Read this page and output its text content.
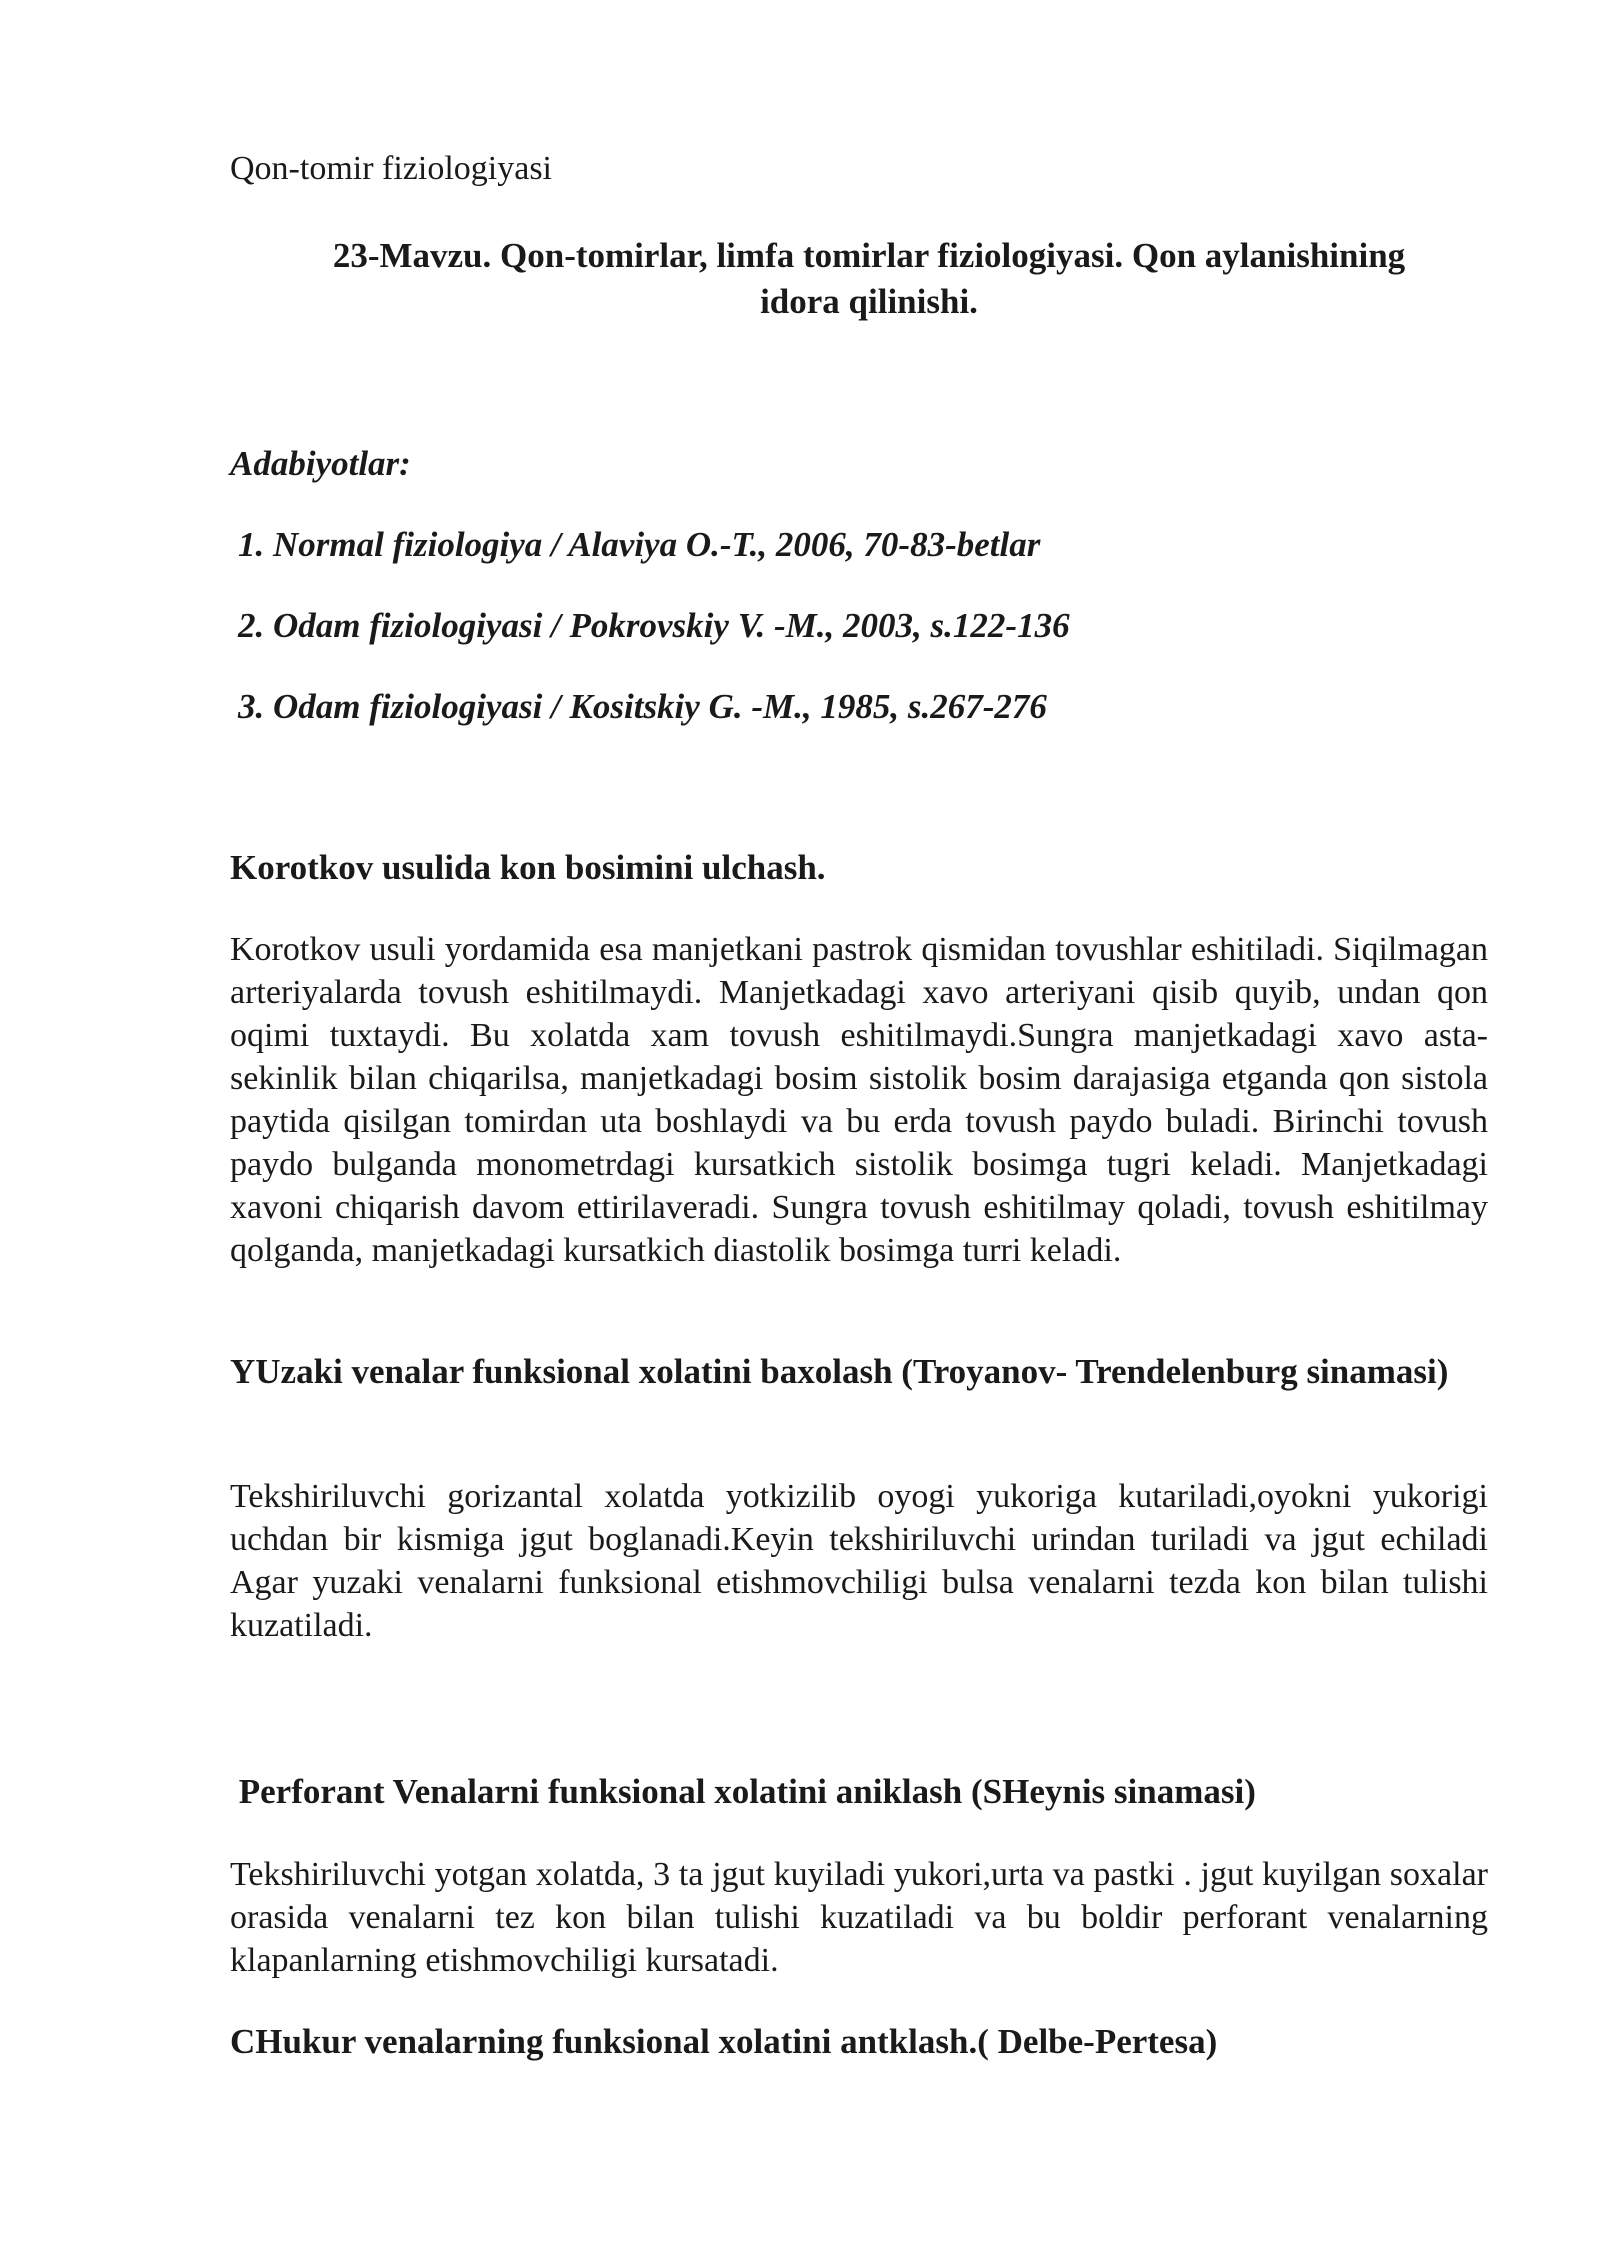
Qon-tomir fiziologiyasi
23-Mavzu. Qon-tomirlar, limfa tomirlar fiziologiyasi. Qon aylanishining
idora qilinishi.
Adabiyotlar:
1. Normal fiziologiya / Alaviya O.-T., 2006, 70-83-betlar
2. Odam fiziologiyasi / Pokrovskiy V. -M., 2003, s.122-136
3. Odam fiziologiyasi / Kositskiy G. -M., 1985, s.267-276
Korotkov usulida kon bosimini ulchash.
Korotkov usuli yordamida esa manjetkani pastrok qismidan tovushlar eshitiladi. Siqilmagan arteriyalarda tovush eshitilmaydi. Manjetkadagi xavo arteriyani qisib quyib, undan qon oqimi tuxtaydi. Bu xolatda xam tovush eshitilmaydi.Sungra manjetkadagi xavo asta-sekinlik bilan chiqarilsa, manjetkadagi bosim sistolik bosim darajasiga etganda qon sistola paytida qisilgan tomirdan uta boshlaydi va bu erda tovush paydo buladi. Birinchi tovush paydo bulganda monometrdagi kursatkich sistolik bosimga tugri keladi. Manjetkadagi xavoni chiqarish davom ettirilaveradi. Sungra tovush eshitilmay qoladi, tovush eshitilmay qolganda, manjetkadagi kursatkich diastolik bosimga turri keladi.
YUzaki venalar funksional xolatini baxolash (Troyanov- Trendelenburg sinamasi)
Tekshiriluvchi gorizantal xolatda yotkizilib oyogi yukoriga kutariladi,oyokni yukorigi uchdan bir kismiga jgut boglanadi.Keyin tekshiriluvchi urindan turiladi va jgut echiladi Agar yuzaki venalarni funksional etishmovchiligi bulsa venalarni tezda kon bilan tulishi kuzatiladi.
Perforant Venalarni funksional xolatini aniklash (SHeynis sinamasi)
Tekshiriluvchi yotgan xolatda, 3 ta jgut kuyiladi yukori,urta va pastki . jgut kuyilgan soxalar orasida venalarni tez kon bilan tulishi kuzatiladi va bu boldir perforant venalarning klapanlarning etishmovchiligi kursatadi.
CHukur venalarning funksional xolatini antklash.( Delbe-Pertesa)
